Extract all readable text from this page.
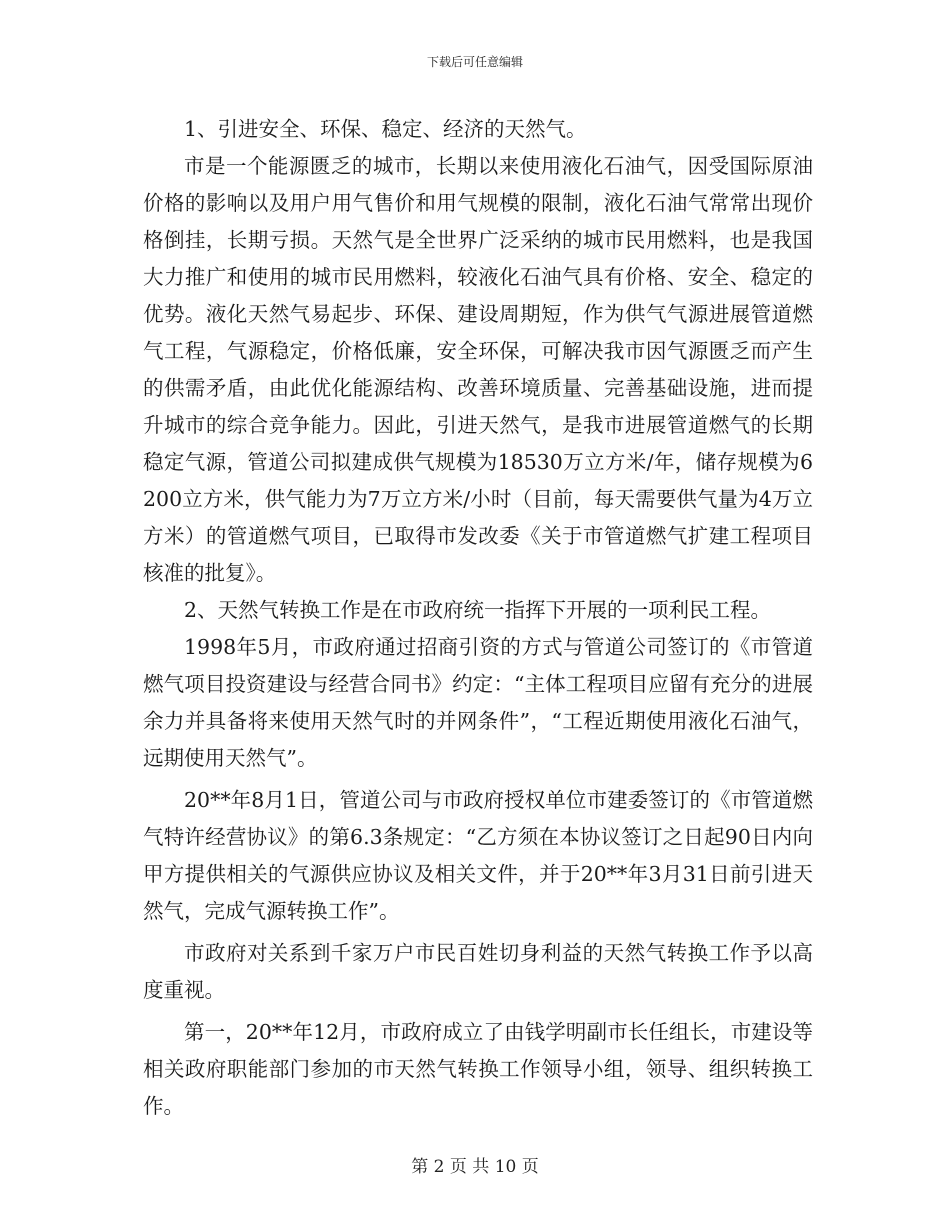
下载后可任意编辑

1、引进安全、环保、稳定、经济的天然气。

市是一个能源匮乏的城市，长期以来使用液化石油气，因受国际原油价格的影响以及用户用气售价和用气规模的限制，液化石油气常常出现价格倒挂，长期亏损。天然气是全世界广泛采纳的城市民用燃料，也是我国大力推广和使用的城市民用燃料，较液化石油气具有价格、安全、稳定的优势。液化天然气易起步、环保、建设周期短，作为供气气源进展管道燃气工程，气源稳定，价格低廉，安全环保，可解决我市因气源匮乏而产生的供需矛盾，由此优化能源结构、改善环境质量、完善基础设施，进而提升城市的综合竞争能力。因此，引进天然气，是我市进展管道燃气的长期稳定气源，管道公司拟建成供气规模为18530万立方米/年，储存规模为6200立方米，供气能力为7万立方米/小时（目前，每天需要供气量为4万立方米）的管道燃气项目，已取得市发改委《关于市管道燃气扩建工程项目核准的批复》。

2、天然气转换工作是在市政府统一指挥下开展的一项利民工程。

1998年5月，市政府通过招商引资的方式与管道公司签订的《市管道燃气项目投资建设与经营合同书》约定：“主体工程项目应留有充分的进展余力并具备将来使用天然气时的并网条件”，“工程近期使用液化石油气，远期使用天然气”。

20**年8月1日，管道公司与市政府授权单位市建委签订的《市管道燃气特许经营协议》的第6.3条规定：“乙方须在本协议签订之日起90日内向甲方提供相关的气源供应协议及相关文件，并于20**年3月31日前引进天然气，完成气源转换工作”。

市政府对关系到千家万户市民百姓切身利益的天然气转换工作予以高度重视。

第一，20**年12月，市政府成立了由钱学明副市长任组长，市建设等相关政府职能部门参加的市天然气转换工作领导小组，领导、组织转换工作。

第 2 页 共 10 页
